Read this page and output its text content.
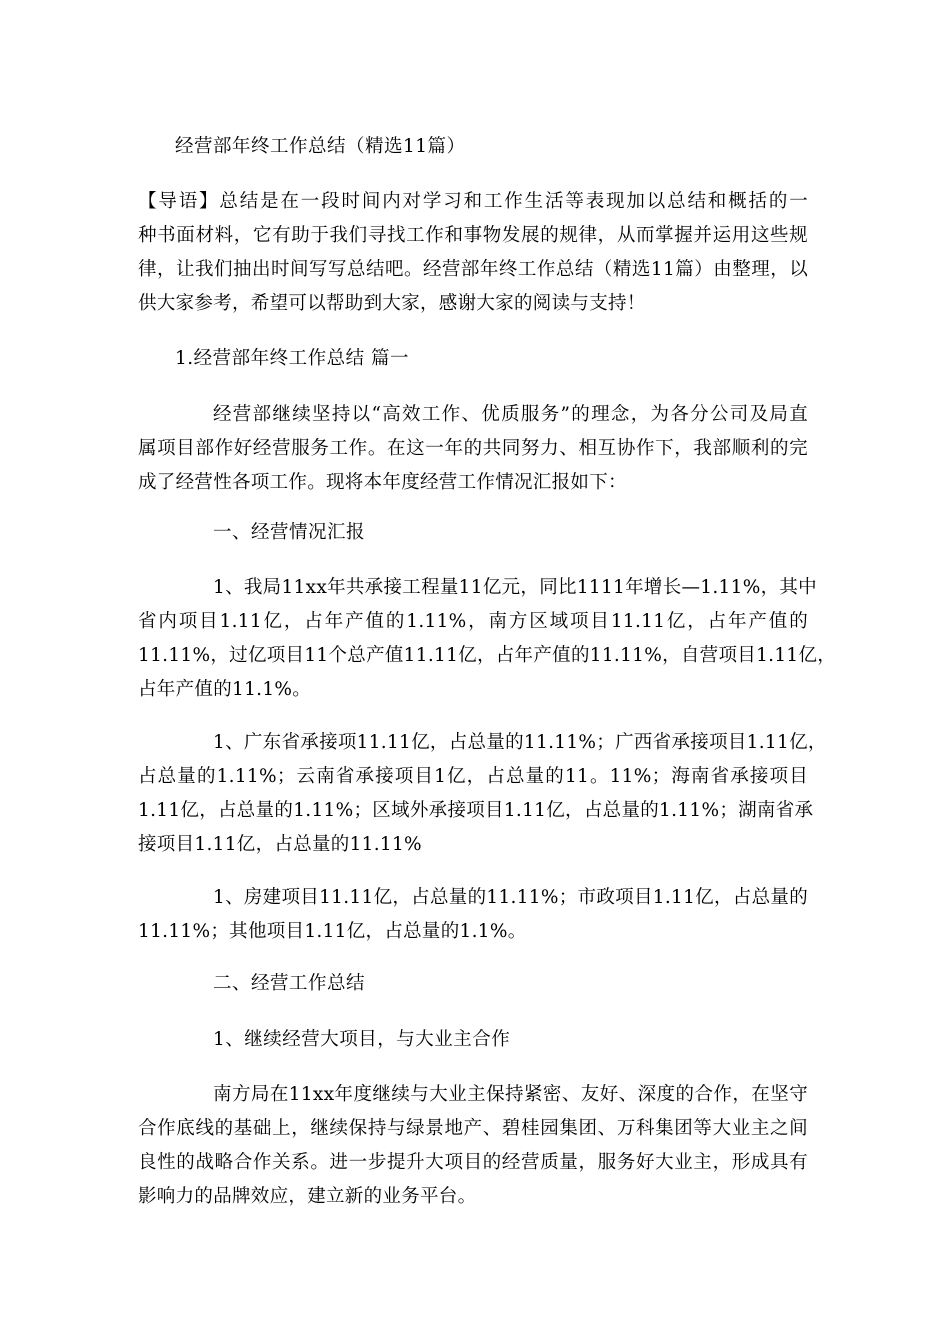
经营部年终工作总结（精选11篇）
【导语】总结是在一段时间内对学习和工作生活等表现加以总结和概括的一
种书面材料，它有助于我们寻找工作和事物发展的规律，从而掌握并运用这些规
律，让我们抽出时间写写总结吧。经营部年终工作总结（精选11篇）由整理，以
供大家参考，希望可以帮助到大家，感谢大家的阅读与支持！
1.经营部年终工作总结 篇一
经营部继续坚持以“高效工作、优质服务”的理念，为各分公司及局直
属项目部作好经营服务工作。在这一年的共同努力、相互协作下，我部顺利的完
成了经营性各项工作。现将本年度经营工作情况汇报如下：
一、经营情况汇报
1、我局11xx年共承接工程量11亿元，同比1111年增长—1.11%，其中
省内项目1.11亿，占年产值的1.11%，南方区域项目11.11亿，占年产值的
11.11%，过亿项目11个总产值11.11亿，占年产值的11.11%，自营项目1.11亿，
占年产值的11.1%。
1、广东省承接项11.11亿，占总量的11.11%；广西省承接项目1.11亿，
占总量的1.11%；云南省承接项目1亿，占总量的11。11%；海南省承接项目
1.11亿，占总量的1.11%；区域外承接项目1.11亿，占总量的1.11%；湖南省承
接项目1.11亿，占总量的11.11%
1、房建项目11.11亿，占总量的11.11%；市政项目1.11亿，占总量的
11.11%；其他项目1.11亿，占总量的1.1%。
二、经营工作总结
1、继续经营大项目，与大业主合作
南方局在11xx年度继续与大业主保持紧密、友好、深度的合作，在坚守
合作底线的基础上，继续保持与绿景地产、碧桂园集团、万科集团等大业主之间
良性的战略合作关系。进一步提升大项目的经营质量，服务好大业主，形成具有
影响力的品牌效应，建立新的业务平台。
